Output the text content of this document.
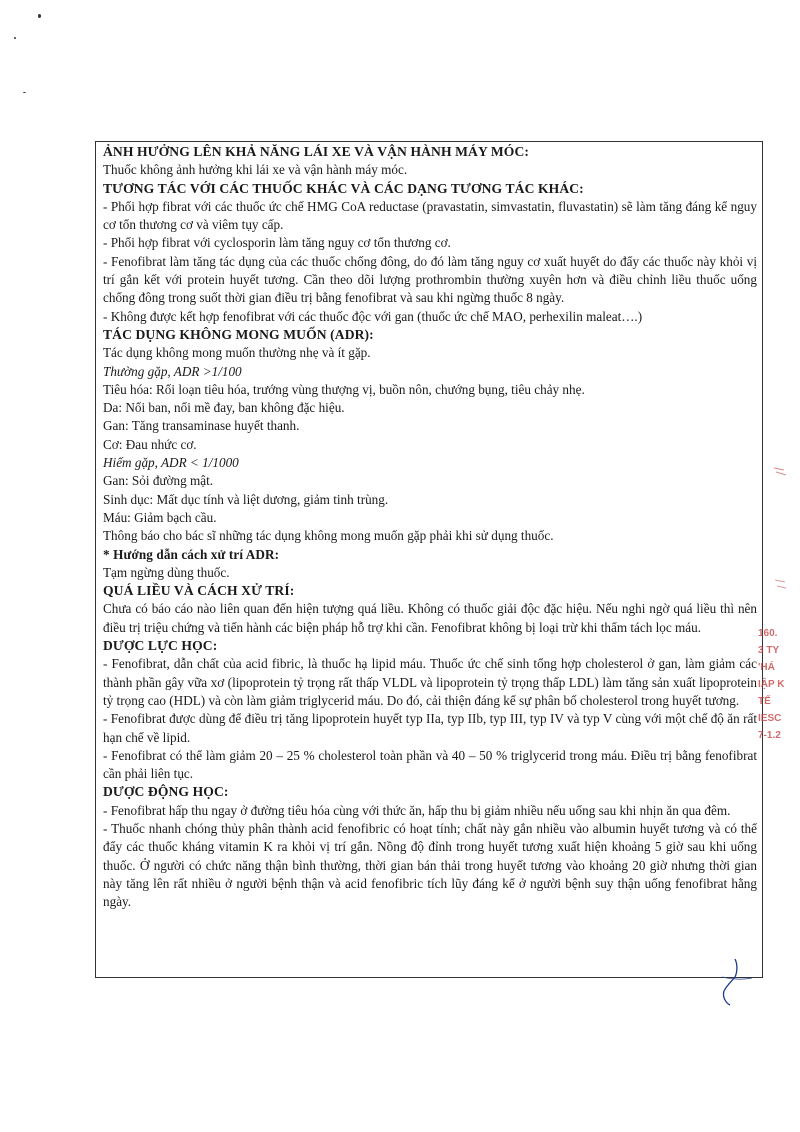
ẢNH HƯỞNG LÊN KHẢ NĂNG LÁI XE VÀ VẬN HÀNH MÁY MÓC:

Thuốc không ảnh hưởng khi lái xe và vận hành máy móc.

TƯƠNG TÁC VỚI CÁC THUỐC KHÁC VÀ CÁC DẠNG TƯƠNG TÁC KHÁC:

- Phối hợp fibrat với các thuốc ức chế HMG CoA reductase (pravastatin, simvastatin, fluvastatin) sẽ làm tăng đáng kể nguy cơ tổn thương cơ và viêm tụy cấp.

- Phối hợp fibrat với cyclosporin làm tăng nguy cơ tổn thương cơ.

- Fenofibrat làm tăng tác dụng của các thuốc chống đông, do đó làm tăng nguy cơ xuất huyết do đẩy các thuốc này khỏi vị trí gắn kết với protein huyết tương. Cần theo dõi lượng prothrombin thường xuyên hơn và điều chỉnh liều thuốc uống chống đông trong suốt thời gian điều trị bằng fenofibrat và sau khi ngừng thuốc 8 ngày.

- Không được kết hợp fenofibrat với các thuốc độc với gan (thuốc ức chế MAO, perhexilin maleat….)

TÁC DỤNG KHÔNG MONG MUỐN (ADR):

Tác dụng không mong muốn thường nhẹ và ít gặp.

Thường gặp, ADR >1/100

Tiêu hóa: Rối loạn tiêu hóa, trướng vùng thượng vị, buồn nôn, chướng bụng, tiêu chảy nhẹ.

Da: Nổi ban, nổi mề đay, ban không đặc hiệu.

Gan: Tăng transaminase huyết thanh.

Cơ: Đau nhức cơ.

Hiếm gặp, ADR < 1/1000

Gan: Sỏi đường mật.

Sinh dục: Mất dục tính và liệt dương, giảm tinh trùng.

Máu: Giảm bạch cầu.

Thông báo cho bác sĩ những tác dụng không mong muốn gặp phải khi sử dụng thuốc.

* Hướng dẫn cách xử trí ADR:

Tạm ngừng dùng thuốc.

QUÁ LIỀU VÀ CÁCH XỬ TRÍ:

Chưa có báo cáo nào liên quan đến hiện tượng quá liều. Không có thuốc giải độc đặc hiệu. Nếu nghi ngờ quá liều thì nên điều trị triệu chứng và tiến hành các biện pháp hỗ trợ khi cần. Fenofibrat không bị loại trừ khi thẩm tách lọc máu.

DƯỢC LỰC HỌC:

- Fenofibrat, dẫn chất của acid fibric, là thuốc hạ lipid máu. Thuốc ức chế sinh tổng hợp cholesterol ở gan, làm giảm các thành phần gây vữa xơ (lipoprotein tỷ trọng rất thấp VLDL và lipoprotein tỷ trọng thấp LDL) làm tăng sản xuất lipoprotein tỷ trọng cao (HDL) và còn làm giảm triglycerid máu. Do đó, cải thiện đáng kể sự phân bố cholesterol trong huyết tương.

- Fenofibrat được dùng để điều trị tăng lipoprotein huyết typ IIa, typ IIb, typ III, typ IV và typ V cùng với một chế độ ăn rất hạn chế về lipid.

- Fenofibrat có thể làm giảm 20 – 25 % cholesterol toàn phần và 40 – 50 % triglycerid trong máu. Điều trị bằng fenofibrat cần phải liên tục.

DƯỢC ĐỘNG HỌC:

- Fenofibrat hấp thu ngay ở đường tiêu hóa cùng với thức ăn, hấp thu bị giảm nhiều nếu uống sau khi nhịn ăn qua đêm.

- Thuốc nhanh chóng thủy phân thành acid fenofibric có hoạt tính; chất này gắn nhiều vào albumin huyết tương và có thể đẩy các thuốc kháng vitamin K ra khỏi vị trí gắn. Nồng độ đỉnh trong huyết tương xuất hiện khoảng 5 giờ sau khi uống thuốc. Ở người có chức năng thận bình thường, thời gian bán thải trong huyết tương vào khoảng 20 giờ nhưng thời gian này tăng lên rất nhiều ở người bệnh thận và acid fenofibric tích lũy đáng kể ở người bệnh suy thận uống fenofibrat hằng ngày.

160.
3 TY
'HÁ
IẬP K
TẾ
IESC
7-1.2
